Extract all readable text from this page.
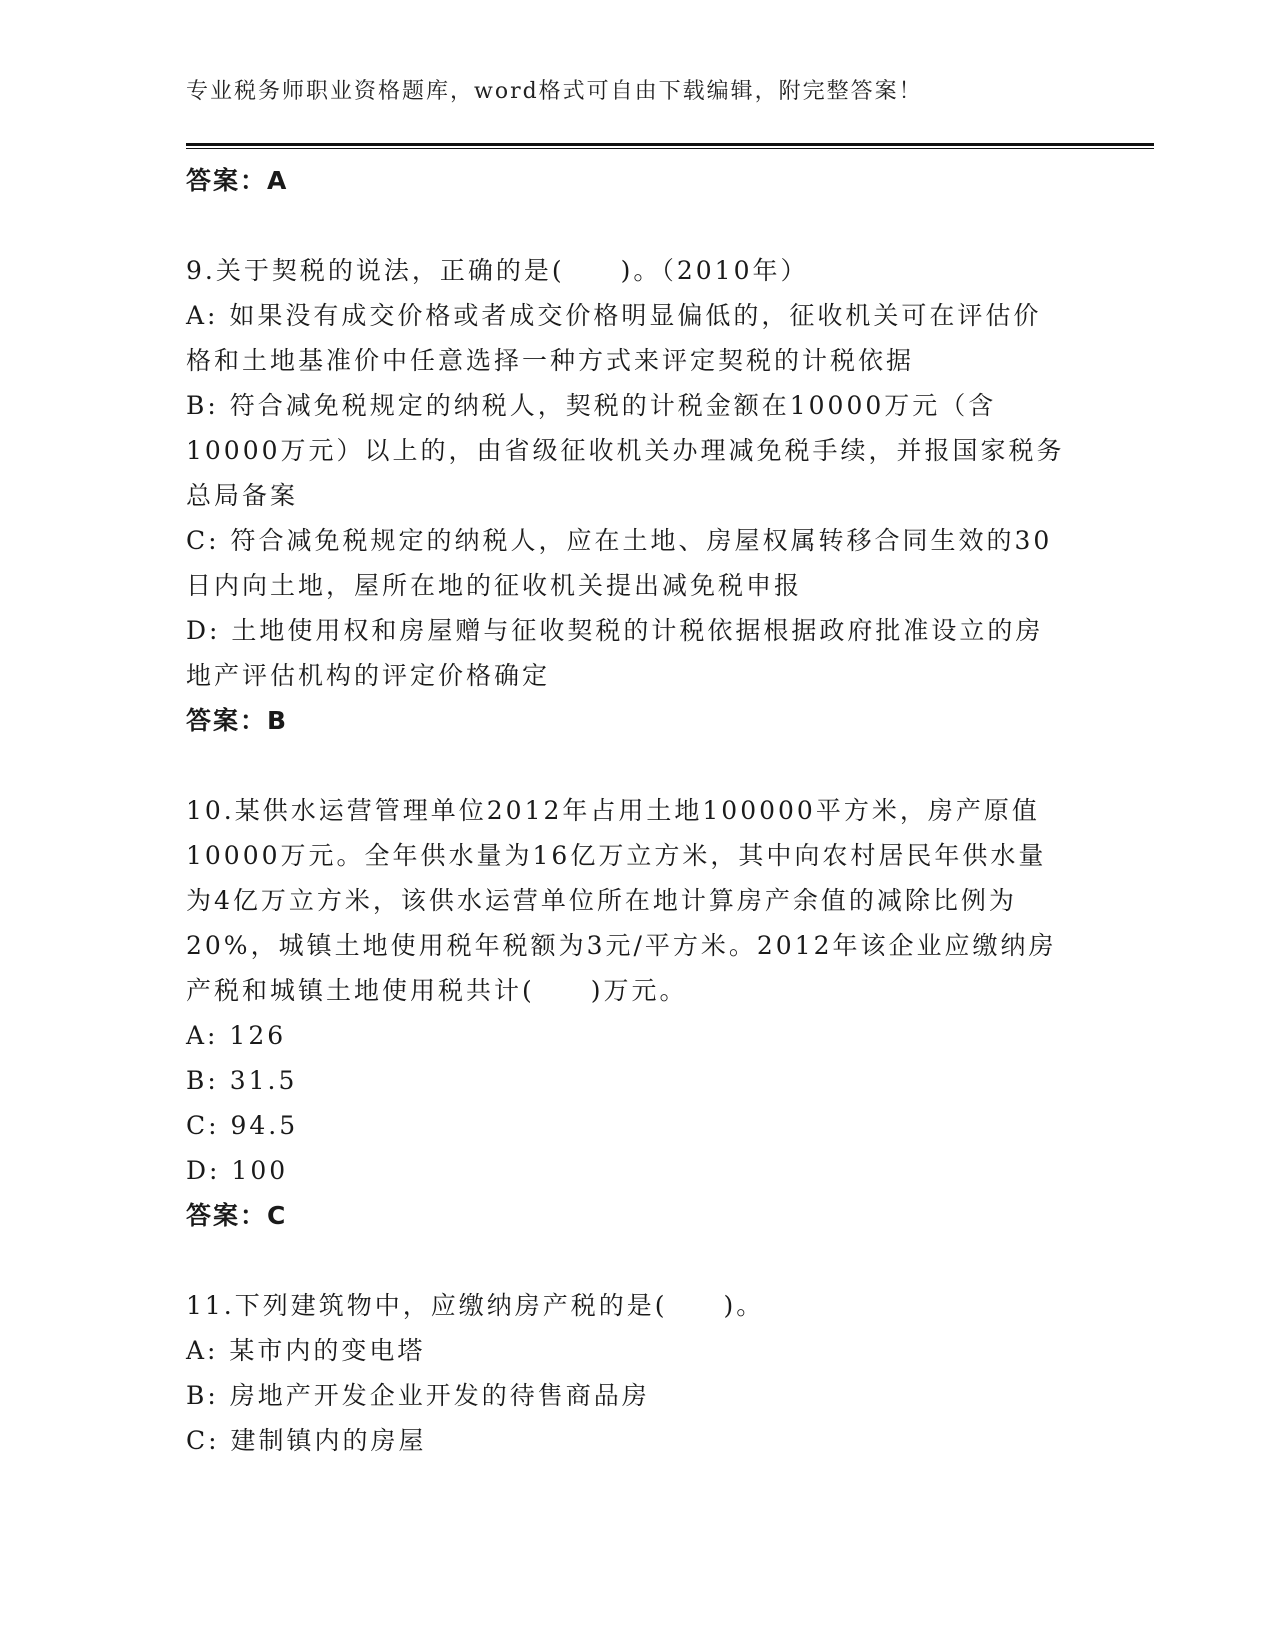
专业税务师职业资格题库，word格式可自由下载编辑，附完整答案！
答案：A
9.关于契税的说法，正确的是(　　)。（2010年）
A: 如果没有成交价格或者成交价格明显偏低的，征收机关可在评估价
格和土地基准价中任意选择一种方式来评定契税的计税依据
B: 符合减免税规定的纳税人，契税的计税金额在10000万元（含
10000万元）以上的，由省级征收机关办理减免税手续，并报国家税务
总局备案
C: 符合减免税规定的纳税人，应在土地、房屋权属转移合同生效的30
日内向土地，屋所在地的征收机关提出减免税申报
D: 土地使用权和房屋赠与征收契税的计税依据根据政府批准设立的房
地产评估机构的评定价格确定
答案：B
10.某供水运营管理单位2012年占用土地100000平方米，房产原值
10000万元。全年供水量为16亿万立方米，其中向农村居民年供水量
为4亿万立方米，该供水运营单位所在地计算房产余值的减除比例为
20%，城镇土地使用税年税额为3元/平方米。2012年该企业应缴纳房
产税和城镇土地使用税共计(　　)万元。
A: 126
B: 31.5
C: 94.5
D: 100
答案：C
11.下列建筑物中，应缴纳房产税的是(　　)。
A: 某市内的变电塔
B: 房地产开发企业开发的待售商品房
C: 建制镇内的房屋
